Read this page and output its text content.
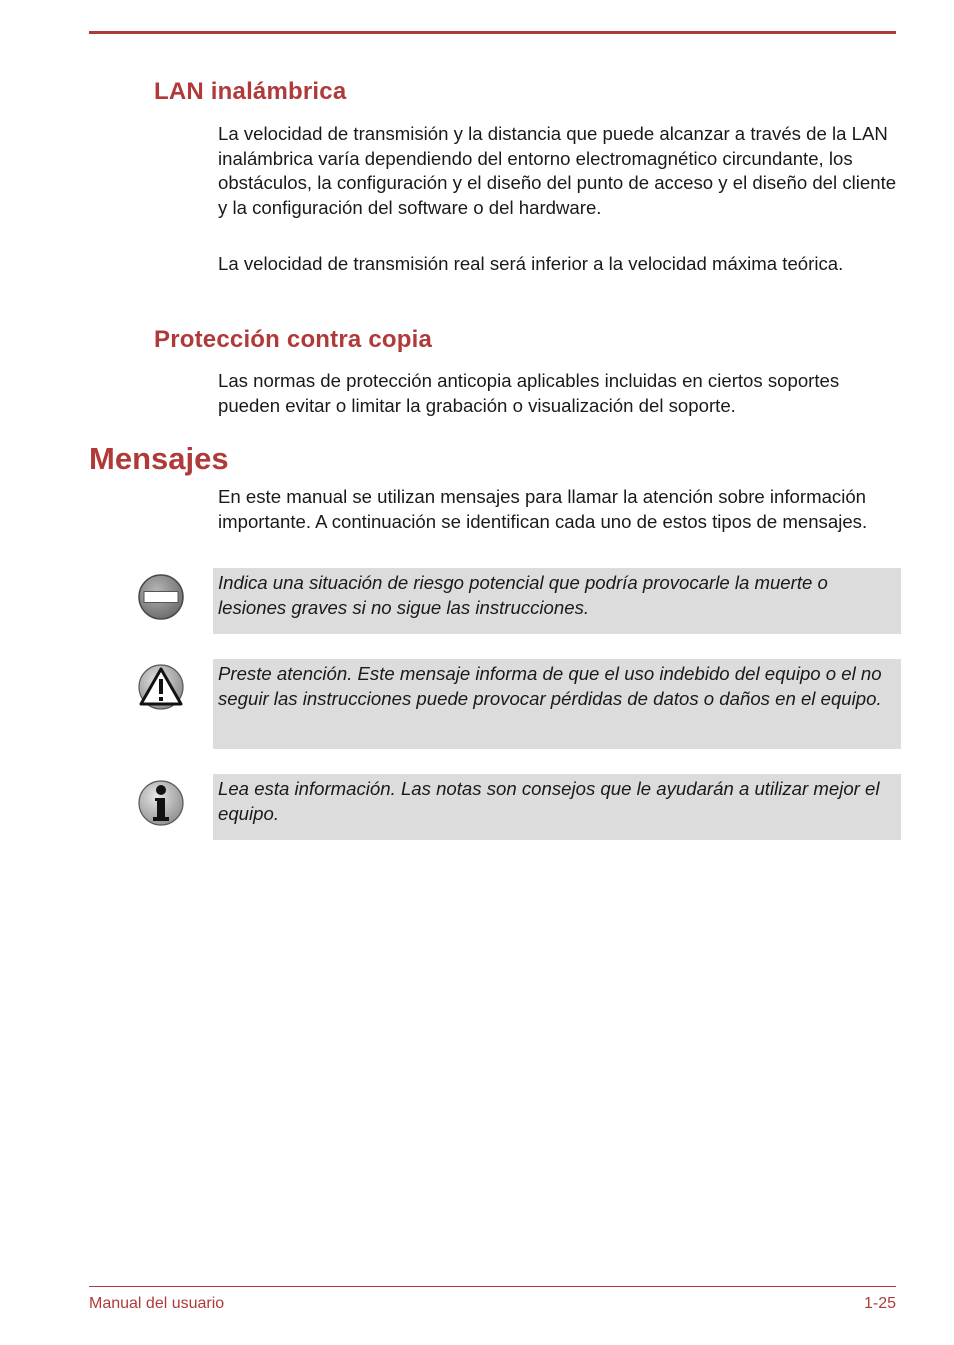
LAN inalámbrica

La velocidad de transmisión y la distancia que puede alcanzar a través de la LAN inalámbrica varía dependiendo del entorno electromagnético circundante, los obstáculos, la configuración y el diseño del punto de acceso y el diseño del cliente y la configuración del software o del hardware.

La velocidad de transmisión real será inferior a la velocidad máxima teórica.

Protección contra copia

Las normas de protección anticopia aplicables incluidas en ciertos soportes pueden evitar o limitar la grabación o visualización del soporte.

Mensajes

En este manual se utilizan mensajes para llamar la atención sobre información importante. A continuación se identifican cada uno de estos tipos de mensajes.

Indica una situación de riesgo potencial que podría provocarle la muerte o lesiones graves si no sigue las instrucciones.

Preste atención. Este mensaje informa de que el uso indebido del equipo o el no seguir las instrucciones puede provocar pérdidas de datos o daños en el equipo.

Lea esta información. Las notas son consejos que le ayudarán a utilizar mejor el equipo.

Manual del usuario	1-25
